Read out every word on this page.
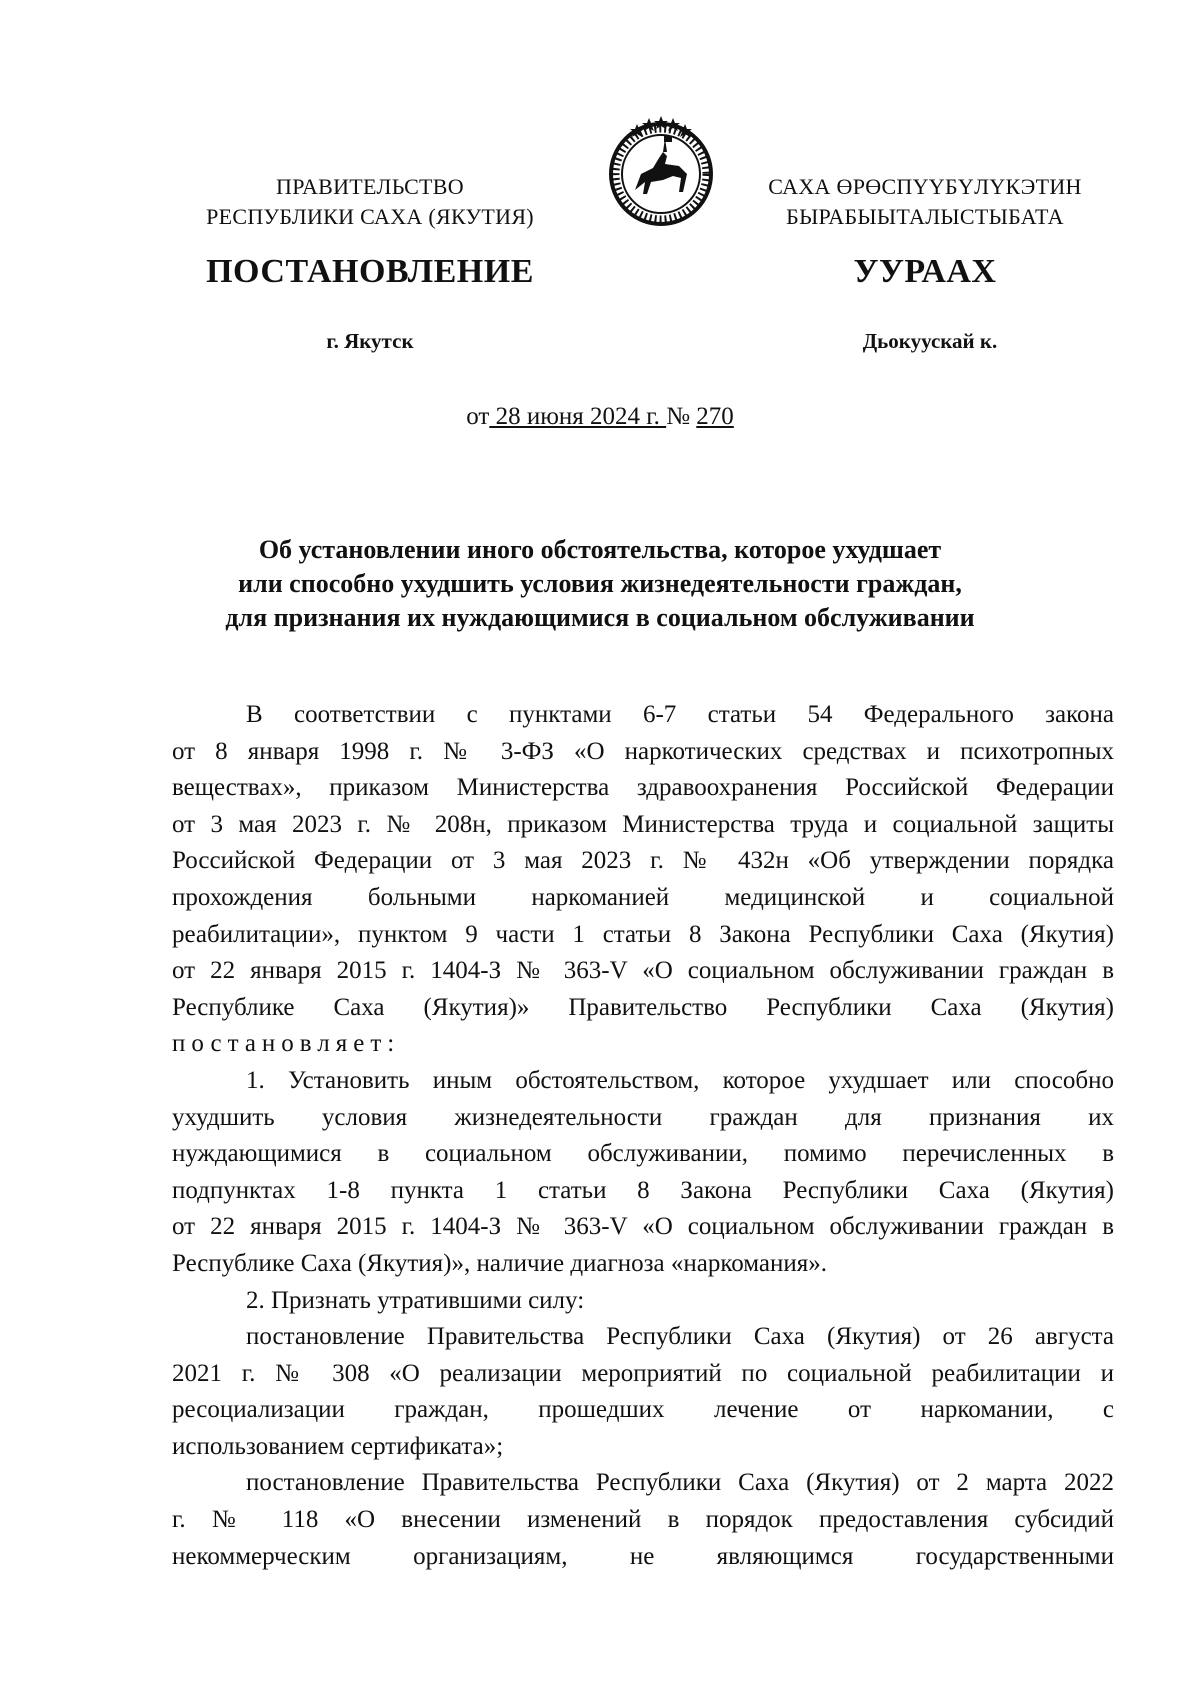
ПРАВИТЕЛЬСТВО
РЕСПУБЛИКИ САХА (ЯКУТИЯ)
САХА ӨРӨСПҮҮБҮЛҮКЭТИН
БЫРАБЫЫТАЛЫСТЫБАТА
ПОСТАНОВЛЕНИЕ	УУРААХ
г. Якутск	Дьокуускай к.
от 28 июня 2024 г. № 270
Об установлении иного обстоятельства, которое ухудшает
или способно ухудшить условия жизнедеятельности граждан,
для признания их нуждающимися в социальном обслуживании
В соответствии с пунктами 6-7 статьи 54 Федерального закона
от 8 января 1998 г. № 3-ФЗ «О наркотических средствах и психотропных
веществах», приказом Министерства здравоохранения Российской Федерации
от 3 мая 2023 г. № 208н, приказом Министерства труда и социальной защиты
Российской Федерации от 3 мая 2023 г. № 432н «Об утверждении порядка
прохождения больными наркоманией медицинской и социальной
реабилитации», пунктом 9 части 1 статьи 8 Закона Республики Саха (Якутия)
от 22 января 2015 г. 1404-З № 363-V «О социальном обслуживании граждан в
Республике Саха (Якутия)» Правительство Республики Саха (Якутия)
постановляет:
1. Установить иным обстоятельством, которое ухудшает или способно
ухудшить условия жизнедеятельности граждан для признания их
нуждающимися в социальном обслуживании, помимо перечисленных в
подпунктах 1-8 пункта 1 статьи 8 Закона Республики Саха (Якутия)
от 22 января 2015 г. 1404-З № 363-V «О социальном обслуживании граждан в
Республике Саха (Якутия)», наличие диагноза «наркомания».
2. Признать утратившими силу:
постановление Правительства Республики Саха (Якутия) от 26 августа
2021 г. № 308 «О реализации мероприятий по социальной реабилитации и
ресоциализации граждан, прошедших лечение от наркомании, с
использованием сертификата»;
постановление Правительства Республики Саха (Якутия) от 2 марта 2022
г. № 118 «О внесении изменений в порядок предоставления субсидий
некоммерческим организациям, не являющимся государственными
